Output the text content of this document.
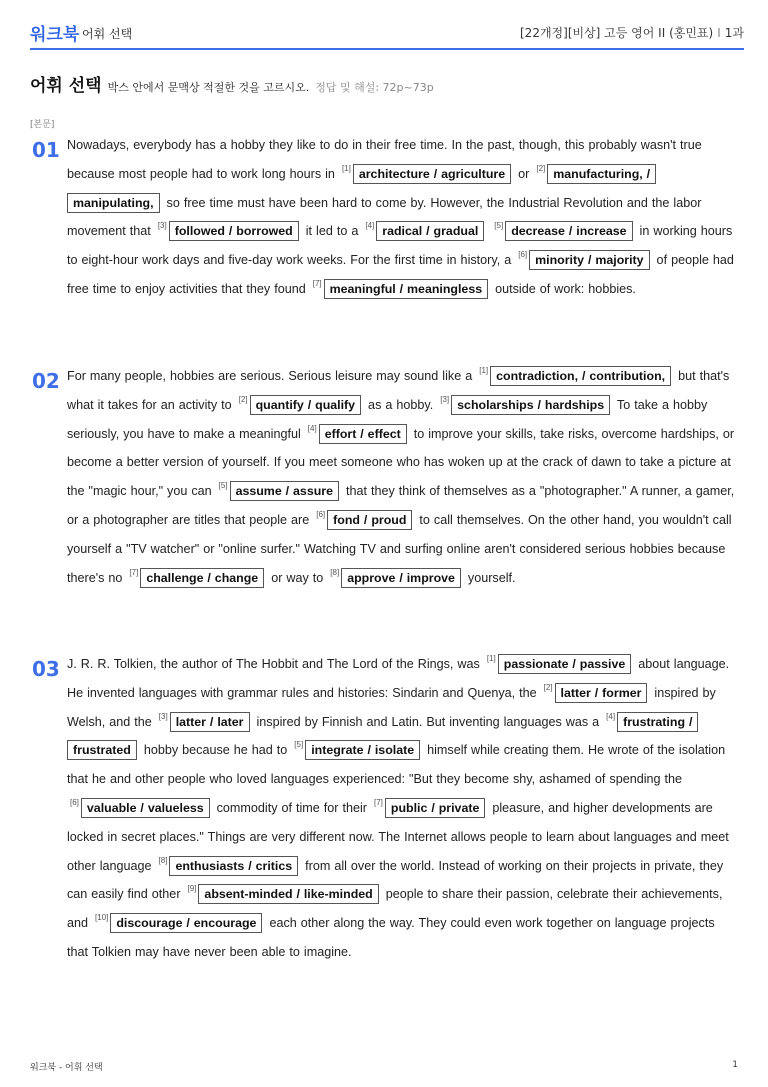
워크북 어휘 선택	[22개정][비상] 고등 영어 II (홍민표) I 1과
어휘 선택 박스 안에서 문맥상 적절한 것을 고르시오. 정답 및 해설: 72p~73p
[본문]
01 Nowadays, everybody has a hobby they like to do in their free time. In the past, though, this probably wasn't true because most people had to work long hours in [1] architecture / agriculture or [2] manufacturing, / manipulating, so free time must have been hard to come by. However, the Industrial Revolution and the labor movement that [3] followed / borrowed it led to a [4] radical / gradual [5] decrease / increase in working hours to eight-hour work days and five-day work weeks. For the first time in history, a [6] minority / majority of people had free time to enjoy activities that they found [7] meaningful / meaningless outside of work: hobbies.
02 For many people, hobbies are serious. Serious leisure may sound like a [1] contradiction, / contribution, but that's what it takes for an activity to [2] quantify / qualify as a hobby. [3] scholarships / hardships To take a hobby seriously, you have to make a meaningful [4] effort / effect to improve your skills, take risks, overcome hardships, or become a better version of yourself. If you meet someone who has woken up at the crack of dawn to take a picture at the "magic hour," you can [5] assume / assure that they think of themselves as a "photographer." A runner, a gamer, or a photographer are titles that people are [6] fond / proud to call themselves. On the other hand, you wouldn't call yourself a "TV watcher" or "online surfer." Watching TV and surfing online aren't considered serious hobbies because there's no [7] challenge / change or way to [8] approve / improve yourself.
03 J. R. R. Tolkien, the author of The Hobbit and The Lord of the Rings, was [1] passionate / passive about language. He invented languages with grammar rules and histories: Sindarin and Quenya, the [2] latter / former inspired by Welsh, and the [3] latter / later inspired by Finnish and Latin. But inventing languages was a [4] frustrating / frustrated hobby because he had to [5] integrate / isolate himself while creating them. He wrote of the isolation that he and other people who loved languages experienced: "But they become shy, ashamed of spending the [6] valuable / valueless commodity of time for their [7] public / private pleasure, and higher developments are locked in secret places." Things are very different now. The Internet allows people to learn about languages and meet other language [8] enthusiasts / critics from all over the world. Instead of working on their projects in private, they can easily find other [9] absent-minded / like-minded people to share their passion, celebrate their achievements, and [10] discourage / encourage each other along the way. They could even work together on language projects that Tolkien may have never been able to imagine.
워크북 - 어휘 선택	1
